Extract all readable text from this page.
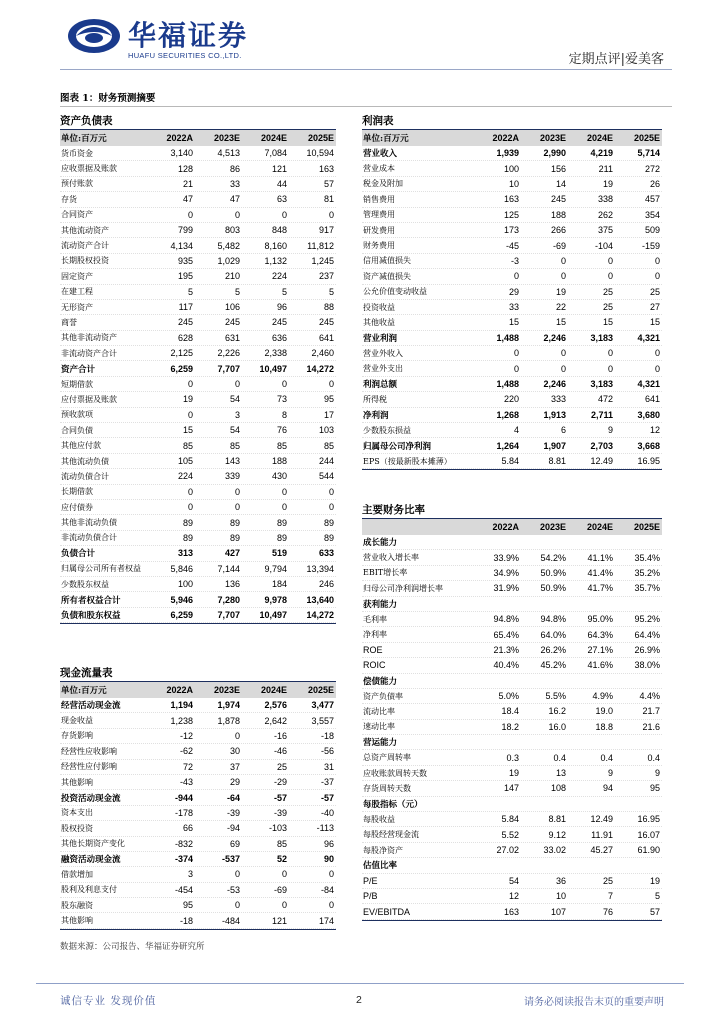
华福证券
HUAFU SECURITIES CO.,LTD.	定期点评|爱美客
图表 1：财务预测摘要
资产负债表
单位:百万元	2022A	2023E	2024E	2025E
货币资金	3,140	4,513	7,084	10,594
应收票据及账款	128	86	121	163
预付账款	21	33	44	57
存货	47	47	63	81
合同资产	0	0	0	0
其他流动资产	799	803	848	917
流动资产合计	4,134	5,482	8,160	11,812
长期股权投资	935	1,029	1,132	1,245
固定资产	195	210	224	237
在建工程	5	5	5	5
无形资产	117	106	96	88
商誉	245	245	245	245
其他非流动资产	628	631	636	641
非流动资产合计	2,125	2,226	2,338	2,460
资产合计	6,259	7,707	10,497	14,272
短期借款	0	0	0	0
应付票据及账款	19	54	73	95
预收款项	0	3	8	17
合同负债	15	54	76	103
其他应付款	85	85	85	85
其他流动负债	105	143	188	244
流动负债合计	224	339	430	544
长期借款	0	0	0	0
应付债券	0	0	0	0
其他非流动负债	89	89	89	89
非流动负债合计	89	89	89	89
负债合计	313	427	519	633
归属母公司所有者权益	5,846	7,144	9,794	13,394
少数股东权益	100	136	184	246
所有者权益合计	5,946	7,280	9,978	13,640
负债和股东权益	6,259	7,707	10,497	14,272
现金流量表
单位:百万元	2022A	2023E	2024E	2025E
经营活动现金流	1,194	1,974	2,576	3,477
现金收益	1,238	1,878	2,642	3,557
存货影响	-12	0	-16	-18
经营性应收影响	-62	30	-46	-56
经营性应付影响	72	37	25	31
其他影响	-43	29	-29	-37
投资活动现金流	-944	-64	-57	-57
资本支出	-178	-39	-39	-40
股权投资	66	-94	-103	-113
其他长期资产变化	-832	69	85	96
融资活动现金流	-374	-537	52	90
借款增加	3	0	0	0
股利及利息支付	-454	-53	-69	-84
股东融资	95	0	0	0
其他影响	-18	-484	121	174
利润表
单位:百万元	2022A	2023E	2024E	2025E
营业收入	1,939	2,990	4,219	5,714
营业成本	100	156	211	272
税金及附加	10	14	19	26
销售费用	163	245	338	457
管理费用	125	188	262	354
研发费用	173	266	375	509
财务费用	-45	-69	-104	-159
信用减值损失	-3	0	0	0
资产减值损失	0	0	0	0
公允价值变动收益	29	19	25	25
投资收益	33	22	25	27
其他收益	15	15	15	15
营业利润	1,488	2,246	3,183	4,321
营业外收入	0	0	0	0
营业外支出	0	0	0	0
利润总额	1,488	2,246	3,183	4,321
所得税	220	333	472	641
净利润	1,268	1,913	2,711	3,680
少数股东损益	4	6	9	12
归属母公司净利润	1,264	1,907	2,703	3,668
EPS（按最新股本摊薄）	5.84	8.81	12.49	16.95
主要财务比率
2022A	2023E	2024E	2025E
成长能力
营业收入增长率	33.9%	54.2%	41.1%	35.4%
EBIT增长率	34.9%	50.9%	41.4%	35.2%
归母公司净利润增长率	31.9%	50.9%	41.7%	35.7%
获利能力
毛利率	94.8%	94.8%	95.0%	95.2%
净利率	65.4%	64.0%	64.3%	64.4%
ROE	21.3%	26.2%	27.1%	26.9%
ROIC	40.4%	45.2%	41.6%	38.0%
偿债能力
资产负债率	5.0%	5.5%	4.9%	4.4%
流动比率	18.4	16.2	19.0	21.7
速动比率	18.2	16.0	18.8	21.6
营运能力
总资产周转率	0.3	0.4	0.4	0.4
应收账款周转天数	19	13	9	9
存货周转天数	147	108	94	95
每股指标（元）
每股收益	5.84	8.81	12.49	16.95
每股经营现金流	5.52	9.12	11.91	16.07
每股净资产	27.02	33.02	45.27	61.90
估值比率
P/E	54	36	25	19
P/B	12	10	7	5
EV/EBITDA	163	107	76	57
数据来源：公司报告、华福证券研究所
诚信专业 发现价值	2	请务必阅读报告末页的重要声明
